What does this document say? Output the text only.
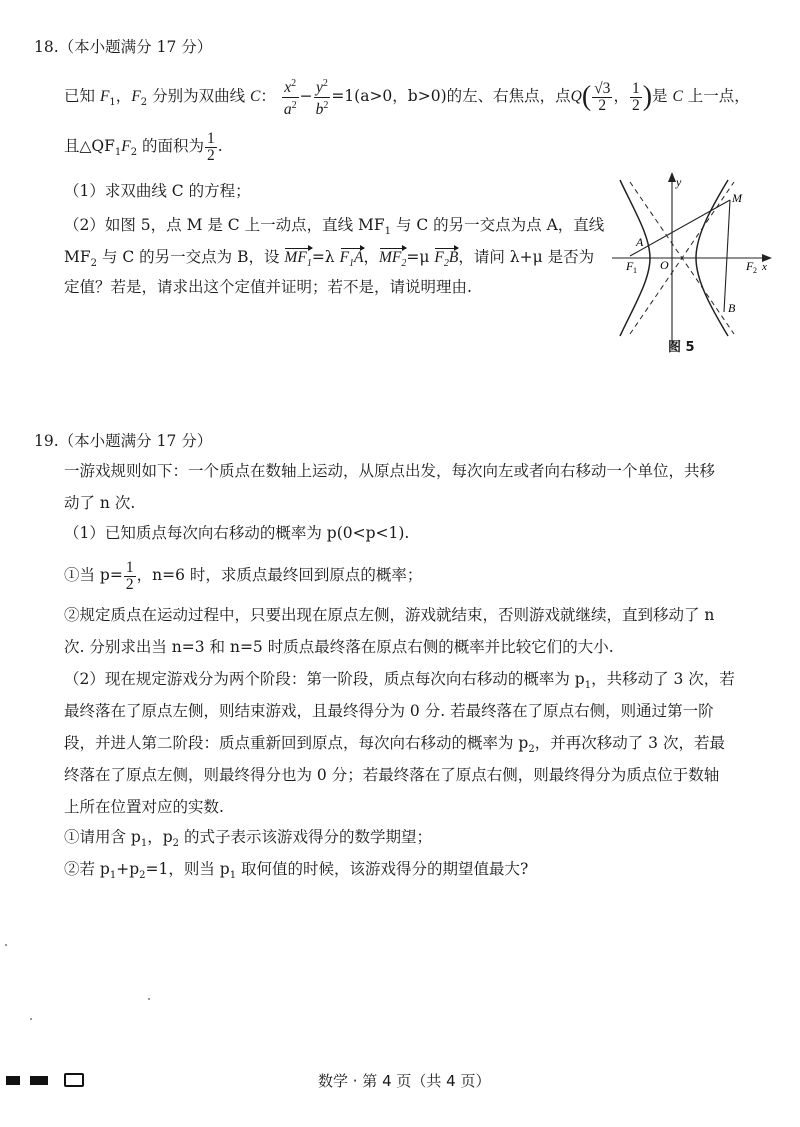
18.（本小题满分 17 分）
已知 $F_1$，$F_2$ 分别为双曲线 C： $\frac{x^2}{a^2} - \frac{y^2}{b^2} =1(a>0$，b>0)的左、右焦点，点$Q( \frac{√3}{2}$ ， $\frac{1}{2}$ )是 C 上一点，
且$\triangle QF_1F_2$ 的面积为 $\frac{1}{2}$ .
（1）求双曲线 C 的方程；
（2）如图 5，点 M 是 C 上一动点，直线 $MF_1$ 与 C 的另一交点为点 A，直线
$MF_2$ 与 C 的另一交点为 B，设 $MF_1=\lambda$ $F_1A$，$MF_2=\mu$ $F_2B$，请问 λ+μ 是否为
定值？若是，请求出这个定值并证明；若不是，请说明理由.
y
x
M
A
B
O
F 1	F 2
图 5
19.（本小题满分 17 分）
一游戏规则如下：一个质点在数轴上运动，从原点出发，每次向左或者向右移动一个单位，共移
动了 n 次.
（1）已知质点每次向右移动的概率为 p(0<p<1).
①当 $p= \frac{1}{2}$ ，n=6 时，求质点最终回到原点的概率；
②规定质点在运动过程中，只要出现在原点左侧，游戏就结束，否则游戏就继续，直到移动了 n
次. 分别求出当 n=3 和 n=5 时质点最终落在原点右侧的概率并比较它们的大小.
（2）现在规定游戏分为两个阶段：第一阶段，质点每次向右移动的概率为 $p_1$，共移动了 3 次，若
最终落在了原点左侧，则结束游戏，且最终得分为 0 分. 若最终落在了原点右侧，则通过第一阶
段，并进人第二阶段：质点重新回到原点，每次向右移动的概率为 $p_2$，并再次移动了 3 次，若最
终落在了原点左侧，则最终得分也为 0 分；若最终落在了原点右侧，则最终得分为质点位于数轴
上所在位置对应的实数.
①请用含 $p_1$，$p_2$ 的式子表示该游戏得分的数学期望；
②若 $p_1+p_2=1$，则当 $p_1$ 取何值的时候，该游戏得分的期望值最大?
数学 · 第 4 页（共 4 页）
